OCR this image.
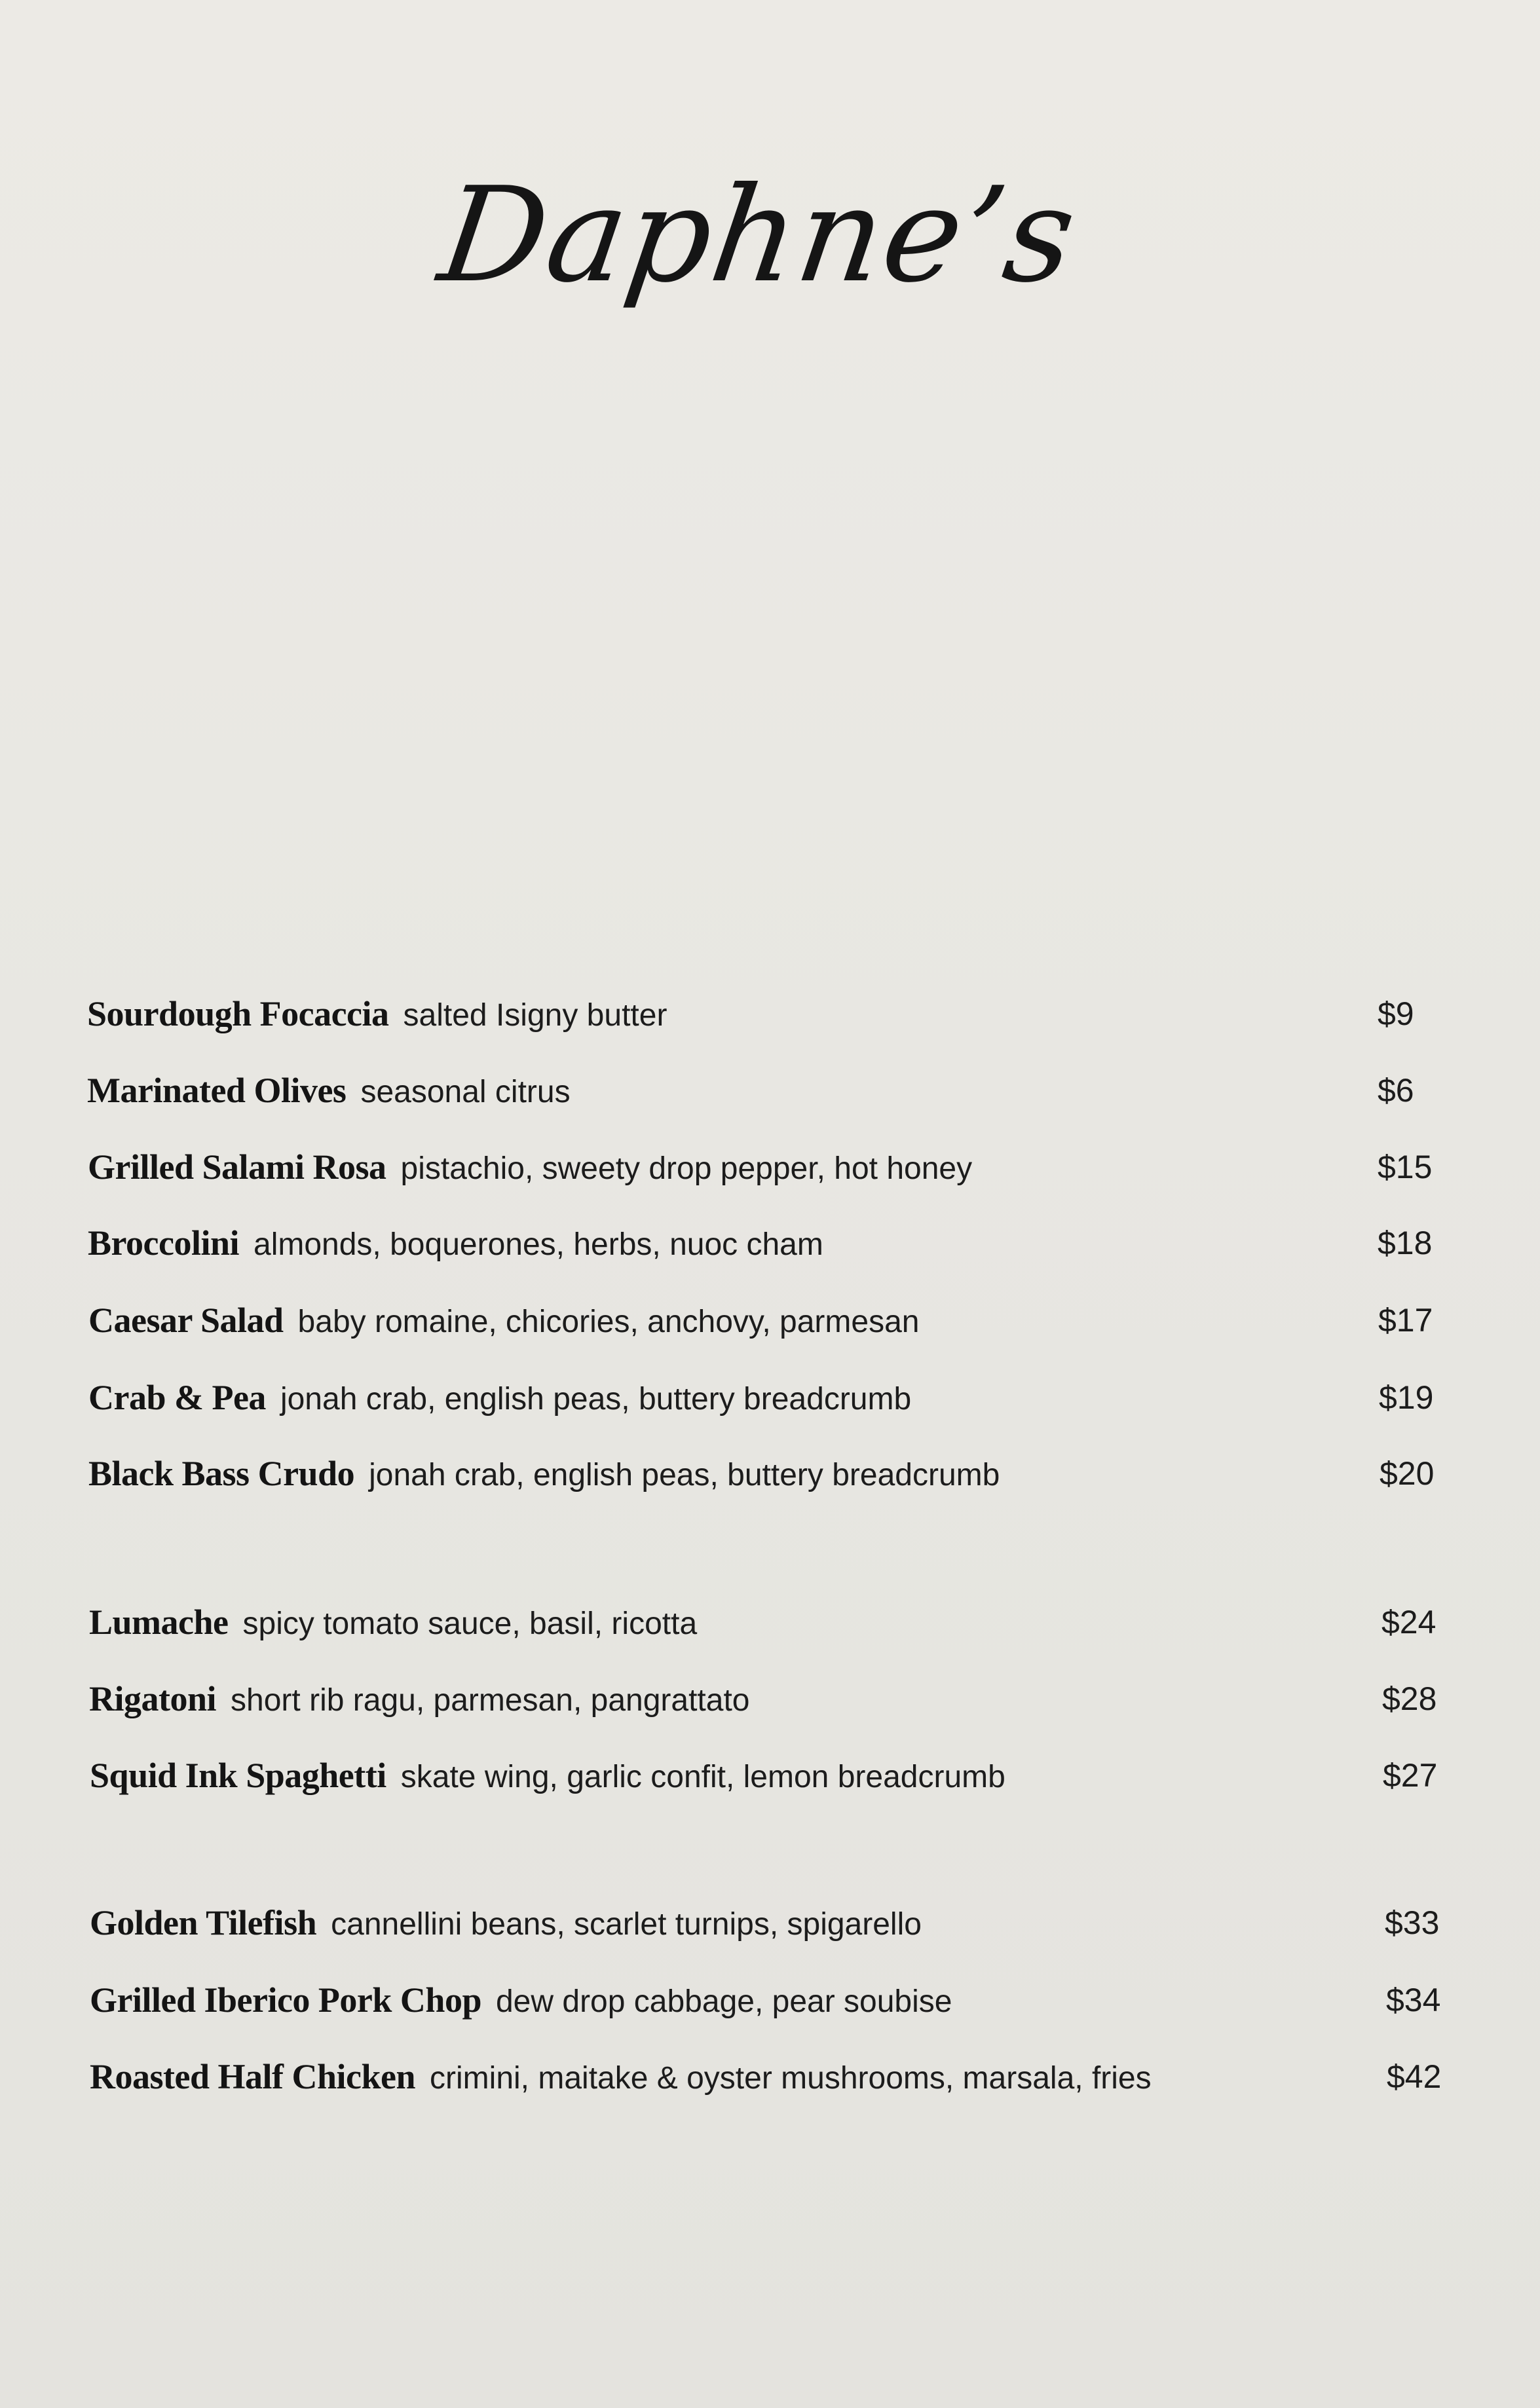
Daphne’s
Sourdough Focaccia salted Isigny butter	$9
Marinated Olives seasonal citrus	$6
Grilled Salami Rosa pistachio, sweety drop pepper, hot honey	$15
Broccolini almonds, boquerones, herbs, nuoc cham	$18
Caesar Salad baby romaine, chicories, anchovy, parmesan	$17
Crab & Pea jonah crab, english peas, buttery breadcrumb	$19
Black Bass Crudo jonah crab, english peas, buttery breadcrumb	$20
Lumache spicy tomato sauce, basil, ricotta	$24
Rigatoni short rib ragu, parmesan, pangrattato	$28
Squid Ink Spaghetti skate wing, garlic confit, lemon breadcrumb	$27
Golden Tilefish cannellini beans, scarlet turnips, spigarello	$33
Grilled Iberico Pork Chop dew drop cabbage, pear soubise	$34
Roasted Half Chicken crimini, maitake & oyster mushrooms, marsala, fries	$42
